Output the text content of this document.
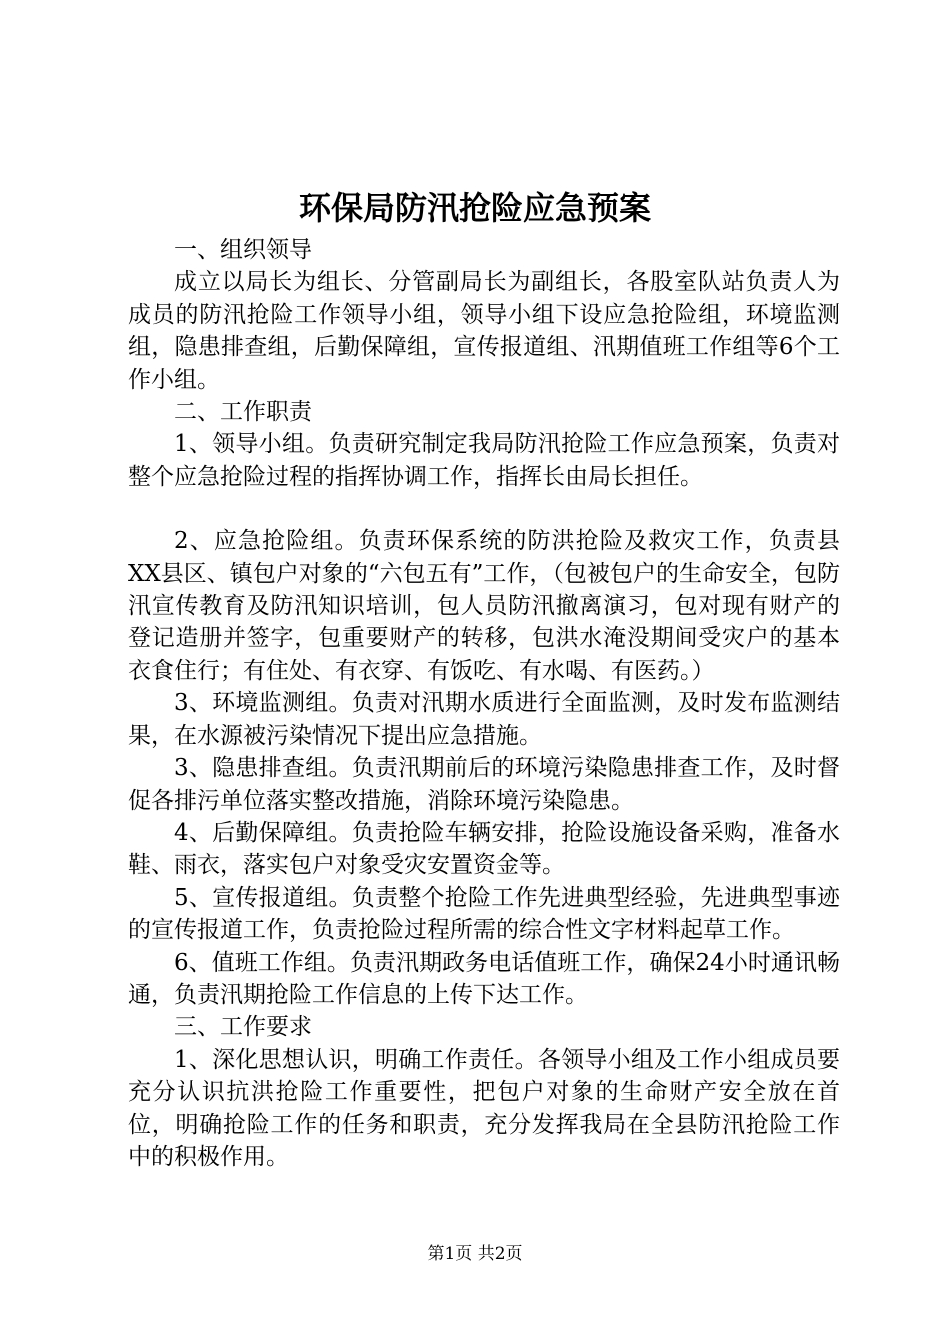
环保局防汛抢险应急预案

一、组织领导

成立以局长为组长、分管副局长为副组长，各股室队站负责人为成员的防汛抢险工作领导小组，领导小组下设应急抢险组，环境监测组，隐患排查组，后勤保障组，宣传报道组、汛期值班工作组等6个工作小组。

二、工作职责

1、领导小组。负责研究制定我局防汛抢险工作应急预案，负责对整个应急抢险过程的指挥协调工作，指挥长由局长担任。

2、应急抢险组。负责环保系统的防洪抢险及救灾工作，负责县XX县区、镇包户对象的“六包五有”工作，（包被包户的生命安全，包防汛宣传教育及防汛知识培训，包人员防汛撤离演习，包对现有财产的登记造册并签字，包重要财产的转移，包洪水淹没期间受灾户的基本衣食住行；有住处、有衣穿、有饭吃、有水喝、有医药。）

3、环境监测组。负责对汛期水质进行全面监测，及时发布监测结果，在水源被污染情况下提出应急措施。

3、隐患排查组。负责汛期前后的环境污染隐患排查工作，及时督促各排污单位落实整改措施，消除环境污染隐患。

4、后勤保障组。负责抢险车辆安排，抢险设施设备采购，准备水鞋、雨衣，落实包户对象受灾安置资金等。

5、宣传报道组。负责整个抢险工作先进典型经验，先进典型事迹的宣传报道工作，负责抢险过程所需的综合性文字材料起草工作。

6、值班工作组。负责汛期政务电话值班工作，确保24小时通讯畅通，负责汛期抢险工作信息的上传下达工作。

三、工作要求

1、深化思想认识，明确工作责任。各领导小组及工作小组成员要充分认识抗洪抢险工作重要性，把包户对象的生命财产安全放在首位，明确抢险工作的任务和职责，充分发挥我局在全县防汛抢险工作中的积极作用。

第1页 共2页
